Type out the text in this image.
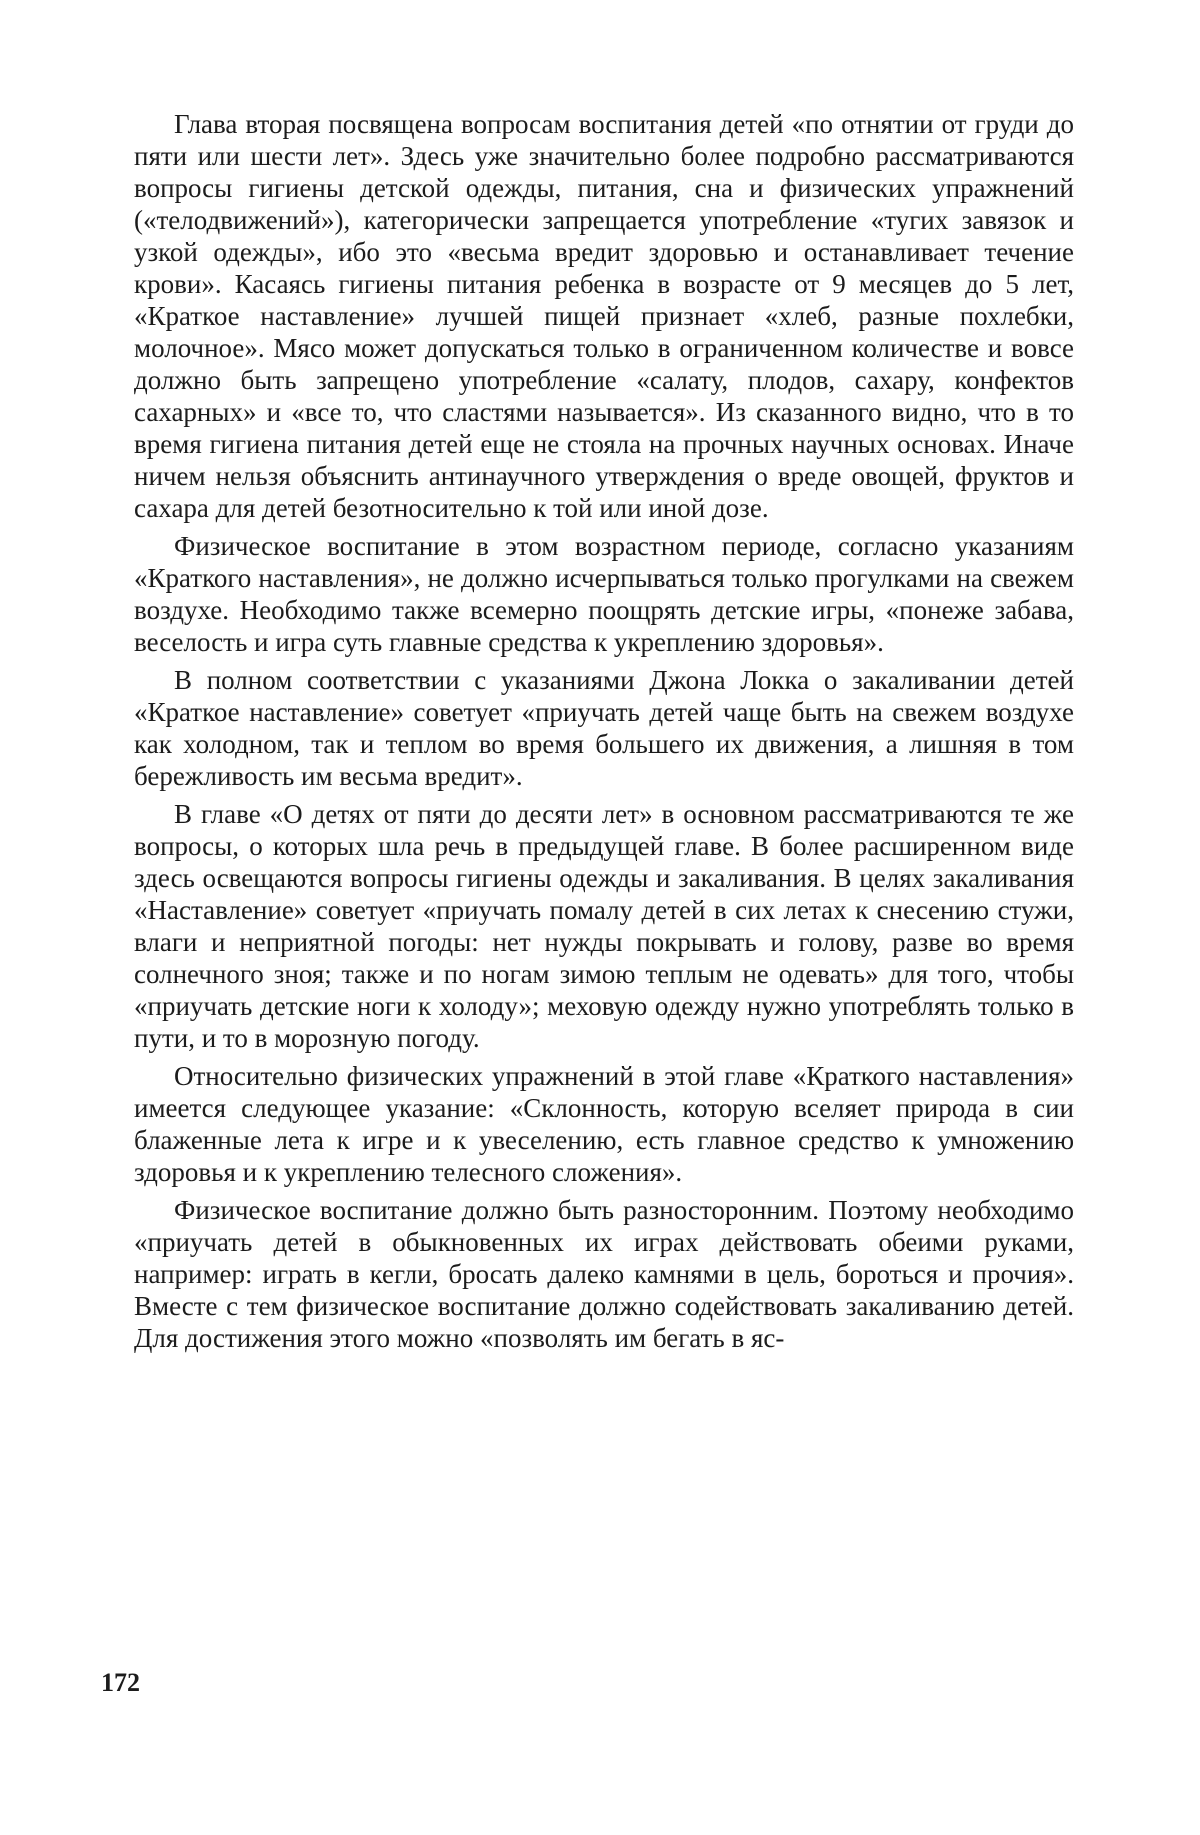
Глава вторая посвящена вопросам воспитания детей «по отнятии от груди до пяти или шести лет». Здесь уже значительно более подробно рассматриваются вопросы гигиены детской одежды, питания, сна и физических упражнений («телодвижений»), категорически запрещается употребление «тугих завязок и узкой одежды», ибо это «весьма вредит здоровью и останавливает течение крови». Касаясь гигиены питания ребенка в возрасте от 9 месяцев до 5 лет, «Краткое наставление» лучшей пищей признает «хлеб, разные похлебки, молочное». Мясо может допускаться только в ограниченном количестве и вовсе должно быть запрещено употребление «салату, плодов, сахару, конфектов сахарных» и «все то, что сластями называется». Из сказанного видно, что в то время гигиена питания детей еще не стояла на прочных научных основах. Иначе ничем нельзя объяснить антинаучного утверждения о вреде овощей, фруктов и сахара для детей безотносительно к той или иной дозе.

Физическое воспитание в этом возрастном периоде, согласно указаниям «Краткого наставления», не должно исчерпываться только прогулками на свежем воздухе. Необходимо также всемерно поощрять детские игры, «понеже забава, веселость и игра суть главные средства к укреплению здоровья».

В полном соответствии с указаниями Джона Локка о закаливании детей «Краткое наставление» советует «приучать детей чаще быть на свежем воздухе как холодном, так и теплом во время большего их движения, а лишняя в том бережливость им весьма вредит».

В главе «О детях от пяти до десяти лет» в основном рассматриваются те же вопросы, о которых шла речь в предыдущей главе. В более расширенном виде здесь освещаются вопросы гигиены одежды и закаливания. В целях закаливания «Наставление» советует «приучать помалу детей в сих летах к снесению стужи, влаги и неприятной погоды: нет нужды покрывать и голову, разве во время солнечного зноя; также и по ногам зимою теплым не одевать» для того, чтобы «приучать детские ноги к холоду»; меховую одежду нужно употреблять только в пути, и то в морозную погоду.

Относительно физических упражнений в этой главе «Краткого наставления» имеется следующее указание: «Склонность, которую вселяет природа в сии блаженные лета к игре и к увеселению, есть главное средство к умножению здоровья и к укреплению телесного сложения».

Физическое воспитание должно быть разносторонним. Поэтому необходимо «приучать детей в обыкновенных их играх действовать обеими руками, например: играть в кегли, бросать далеко камнями в цель, бороться и прочия». Вместе с тем физическое воспитание должно содействовать закаливанию детей. Для достижения этого можно «позволять им бегать в яс-

172
